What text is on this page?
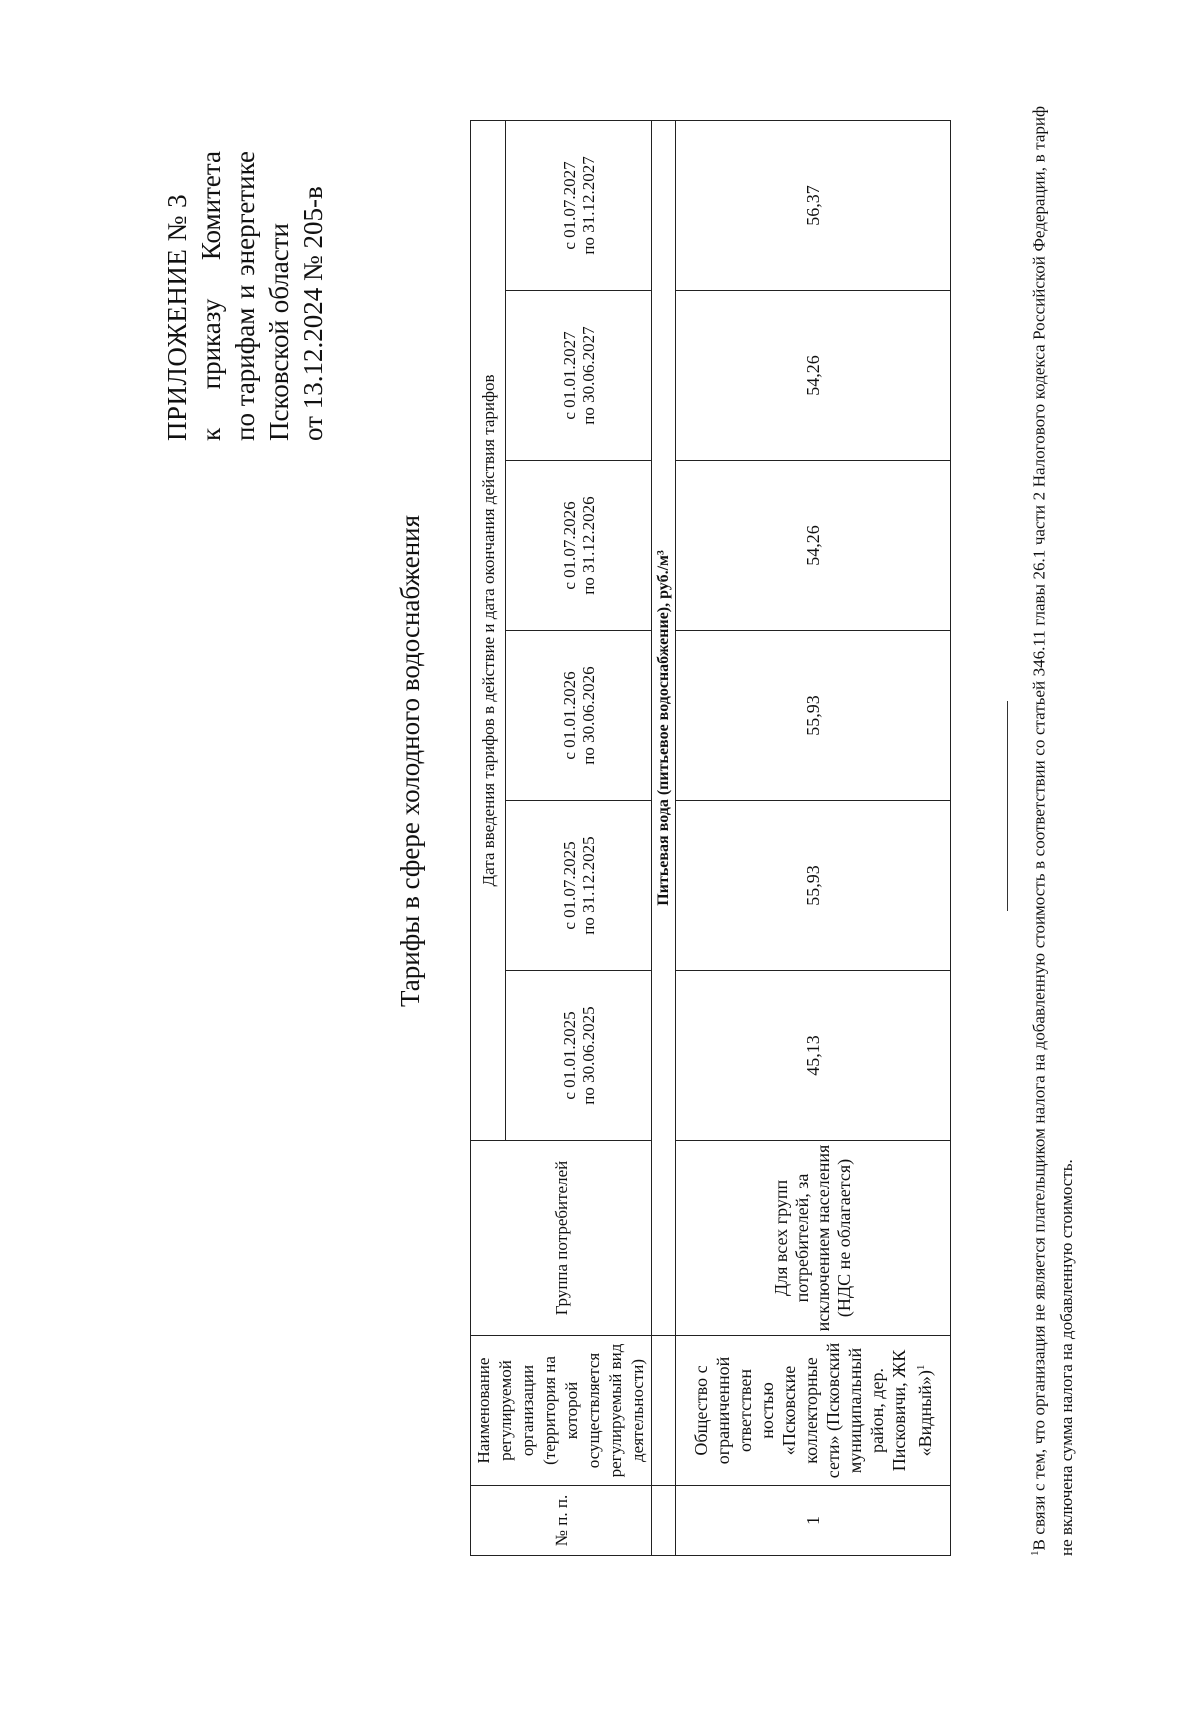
ПРИЛОЖЕНИЕ № 3 к
приказу
Комитета
по тарифам
и
энергетике
Псковской области от 13.12.2024 № 205-в
Тарифы в сфере холодного водоснабжения
№ п. п.	Наименование регулируемой организации (территория на которой осуществляется регулируемый вид деятельности)	Группа потребителей	Дата введения тарифов в действие и дата окончания действия тарифов					

			с 01.01.2025 по 30.06.2025	с 01.07.2025 по 31.12.2025	с 01.01.2026 по 30.06.2026	с 01.07.2026 по 31.12.2026	с 01.01.2027 по 30.06.2027	с 01.07.2027 по 31.12.2027

		Питьевая вода (питьевое водоснабжение), руб./м³						
1	Общество с ограниченной ответствен ностью «Псковские коллекторные сети» (Псковский муниципальный район, дер. Писковичи, ЖК «Видный»)$^1$	Для всех групп потребителей, за исключением населения (НДС не облагается)	45,13	55,93	55,93	54,26	54,26	56,37
$^1$В связи с тем, что организация не является плательщиком налога на добавленную стоимость в соответствии со статьей 346.11 главы 26.1 части 2 Налогового кодекса Российской Федерации, в тариф не включена сумма налога на добавленную стоимость.
